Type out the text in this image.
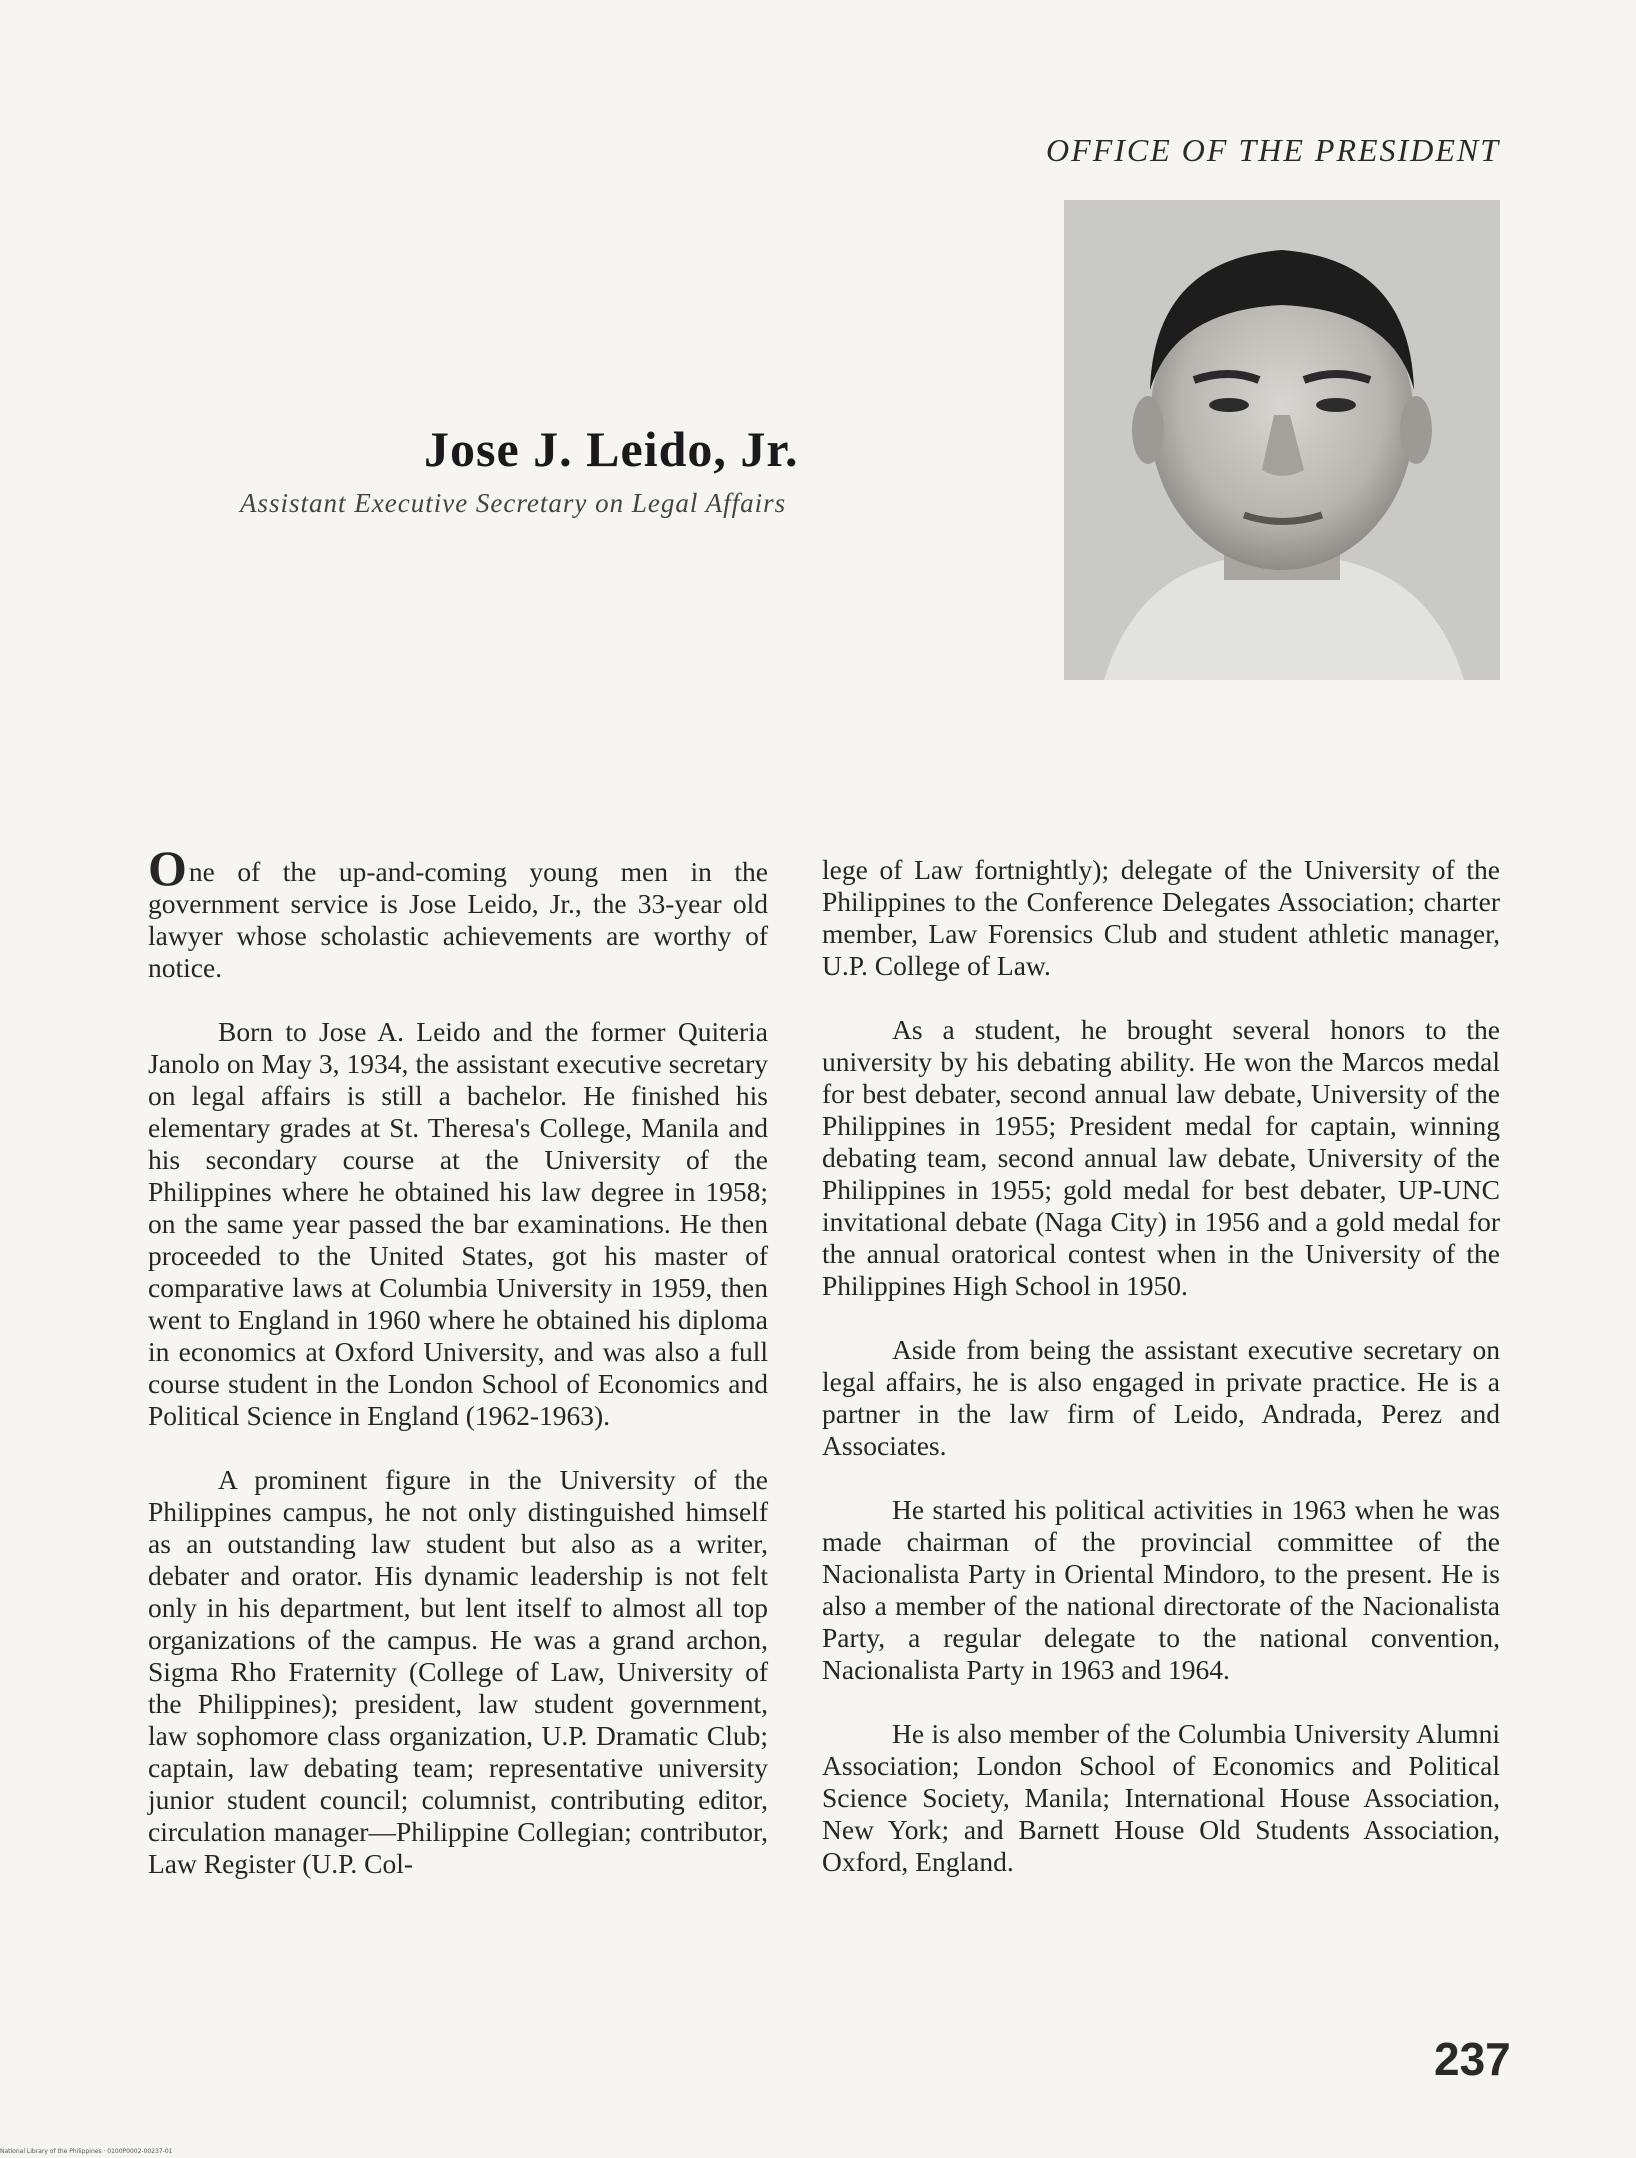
OFFICE OF THE PRESIDENT
Jose J. Leido, Jr.
Assistant Executive Secretary on Legal Affairs

One of the up-and-coming young men in the government service is Jose Leido, Jr., the 33-year old lawyer whose scholastic achievements are worthy of notice.

Born to Jose A. Leido and the former Quiteria Janolo on May 3, 1934, the assistant executive secretary on legal affairs is still a bachelor. He finished his elementary grades at St. Theresa's College, Manila and his secondary course at the University of the Philippines where he obtained his law degree in 1958; on the same year passed the bar examinations. He then proceeded to the United States, got his master of comparative laws at Columbia University in 1959, then went to England in 1960 where he obtained his diploma in economics at Oxford University, and was also a full course student in the London School of Economics and Political Science in England (1962-1963).

A prominent figure in the University of the Philippines campus, he not only distinguished himself as an outstanding law student but also as a writer, debater and orator. His dynamic leadership is not felt only in his department, but lent itself to almost all top organizations of the campus. He was a grand archon, Sigma Rho Fraternity (College of Law, University of the Philippines); president, law student government, law sophomore class organization, U.P. Dramatic Club; captain, law debating team; representative university junior student council; columnist, contributing editor, circulation manager—Philippine Collegian; contributor, Law Register (U.P. Col-

lege of Law fortnightly); delegate of the University of the Philippines to the Conference Delegates Association; charter member, Law Forensics Club and student athletic manager, U.P. College of Law.

As a student, he brought several honors to the university by his debating ability. He won the Marcos medal for best debater, second annual law debate, University of the Philippines in 1955; President medal for captain, winning debating team, second annual law debate, University of the Philippines in 1955; gold medal for best debater, UP-UNC invitational debate (Naga City) in 1956 and a gold medal for the annual oratorical contest when in the University of the Philippines High School in 1950.

Aside from being the assistant executive secretary on legal affairs, he is also engaged in private practice. He is a partner in the law firm of Leido, Andrada, Perez and Associates.

He started his political activities in 1963 when he was made chairman of the provincial committee of the Nacionalista Party in Oriental Mindoro, to the present. He is also a member of the national directorate of the Nacionalista Party, a regular delegate to the national convention, Nacionalista Party in 1963 and 1964.

He is also member of the Columbia University Alumni Association; London School of Economics and Political Science Society, Manila; International House Association, New York; and Barnett House Old Students Association, Oxford, England.

237
National Library of the Philippines · 0100P0002-00237-01
